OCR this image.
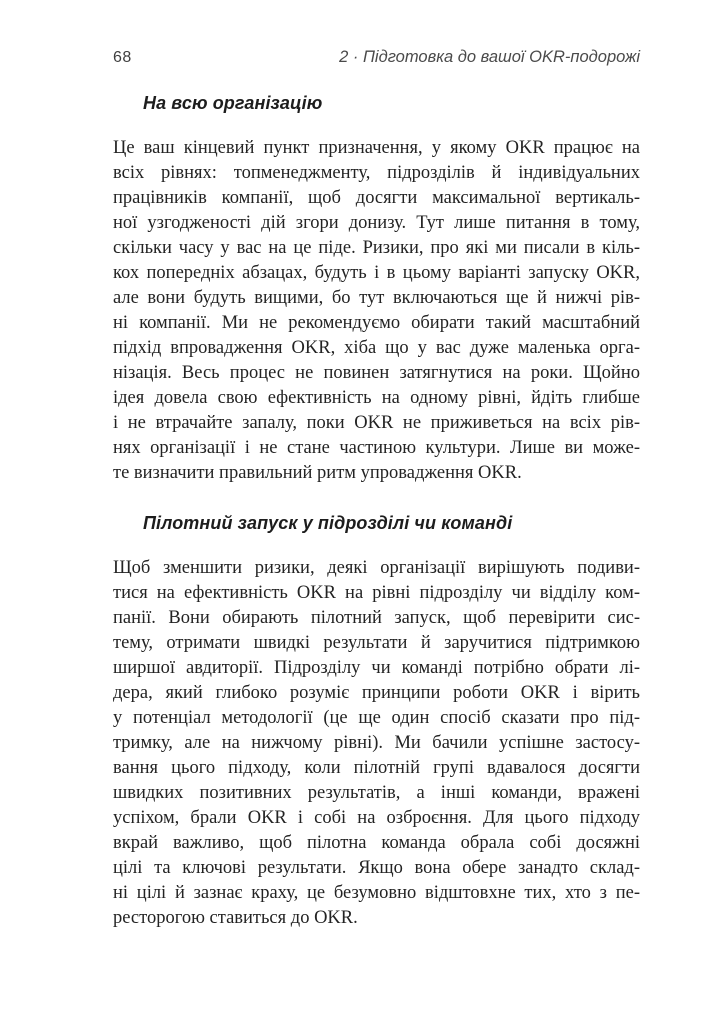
68	2 · Підготовка до вашої OKR-подорожі
На всю організацію
Це ваш кінцевий пункт призначення, у якому OKR працює на
всіх рівнях: топменеджменту, підрозділів й індивідуальних
працівників компанії, щоб досягти максимальної вертикаль-
ної узгодженості дій згори донизу. Тут лише питання в тому,
скільки часу у вас на це піде. Ризики, про які ми писали в кіль-
кох попередніх абзацах, будуть і в цьому варіанті запуску OKR,
але вони будуть вищими, бо тут включаються ще й нижчі рів-
ні компанії. Ми не рекомендуємо обирати такий масштабний
підхід впровадження OKR, хіба що у вас дуже маленька орга-
нізація. Весь процес не повинен затягнутися на роки. Щойно
ідея довела свою ефективність на одному рівні, йдіть глибше
і не втрачайте запалу, поки OKR не приживеться на всіх рів-
нях організації і не стане частиною культури. Лише ви може-
те визначити правильний ритм упровадження OKR.
Пілотний запуск у підрозділі чи команді
Щоб зменшити ризики, деякі організації вирішують подиви-
тися на ефективність OKR на рівні підрозділу чи відділу ком-
панії. Вони обирають пілотний запуск, щоб перевірити сис-
тему, отримати швидкі результати й заручитися підтримкою
ширшої авдиторії. Підрозділу чи команді потрібно обрати лі-
дера, який глибоко розуміє принципи роботи OKR і вірить
у потенціал методології (це ще один спосіб сказати про під-
тримку, але на нижчому рівні). Ми бачили успішне застосу-
вання цього підходу, коли пілотній групі вдавалося досягти
швидких позитивних результатів, а інші команди, вражені
успіхом, брали OKR і собі на озброєння. Для цього підходу
вкрай важливо, щоб пілотна команда обрала собі досяжні
цілі та ключові результати. Якщо вона обере занадто склад-
ні цілі й зазнає краху, це безумовно відштовхне тих, хто з пе-
ресторогою ставиться до OKR.
